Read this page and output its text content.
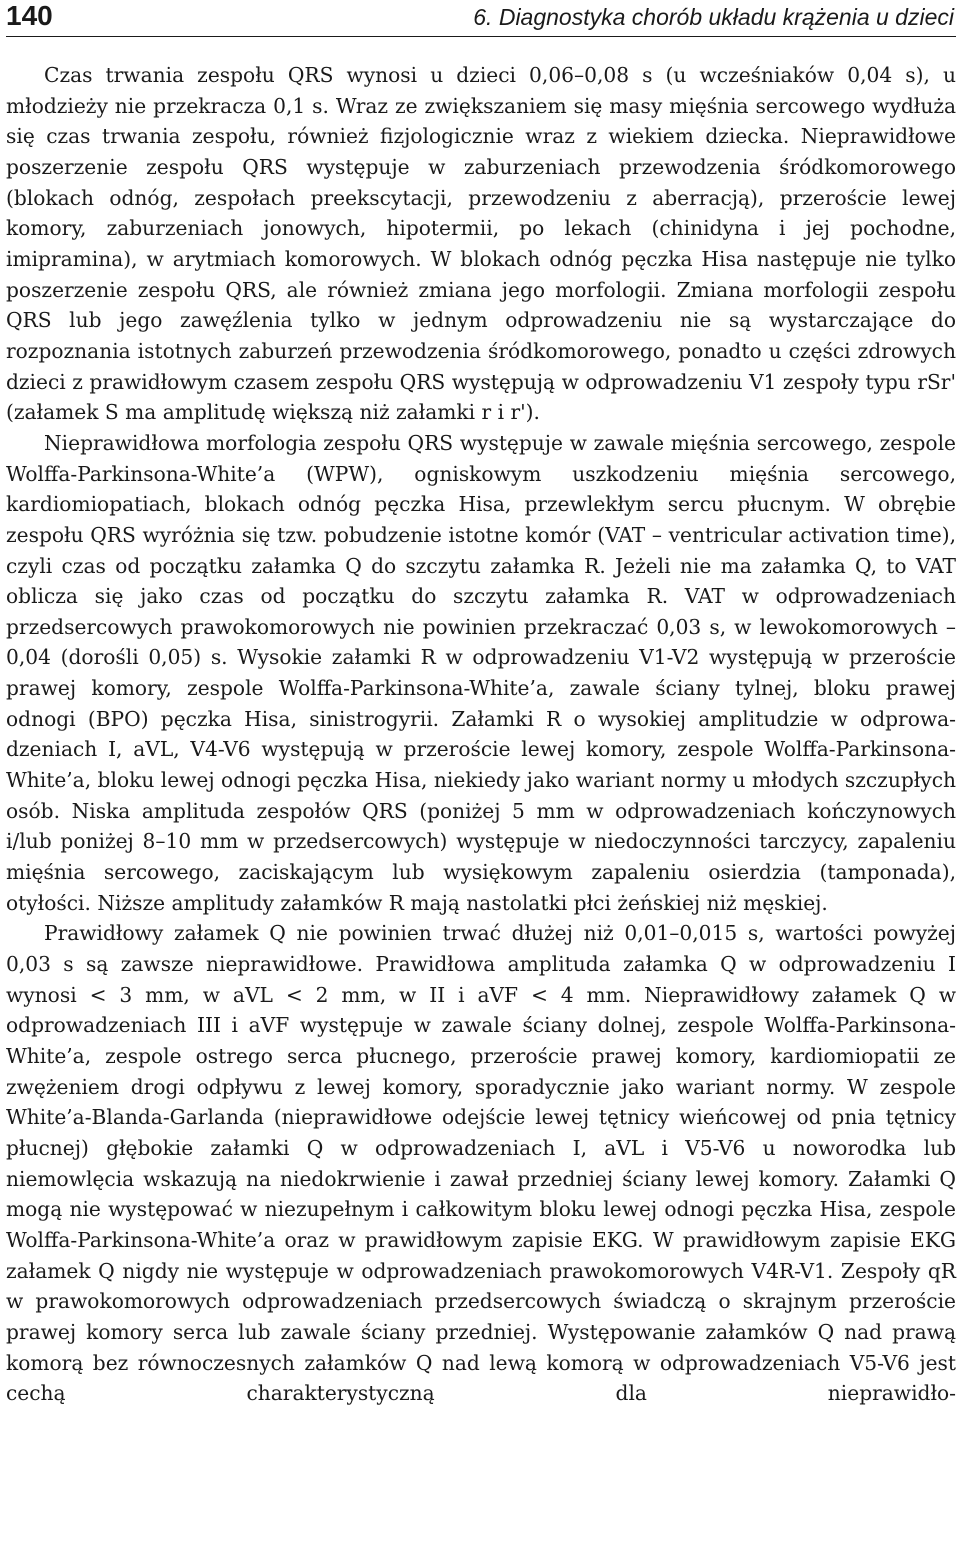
140	6. Diagnostyka chorób układu krążenia u dzieci

Czas trwania zespołu QRS wynosi u dzieci 0,06–0,08 s (u wcześniaków 0,04 s), u młodzieży nie przekracza 0,1 s. Wraz ze zwiększaniem się masy mięśnia sercowego wydłuża się czas trwania zespołu, również fizjologicznie wraz z wiekiem dziecka. Nieprawidłowe poszerzenie zespołu QRS występuje w zaburzeniach przewodzenia śródkomorowego (blokach odnóg, zespołach preekscytacji, przewodzeniu z aberracją), przeroście lewej komory, zaburzeniach jonowych, hipotermii, po lekach (chinidyna i jej pochodne, imipramina), w arytmiach komorowych. W blokach odnóg pęczka Hisa następuje nie tylko poszerzenie zespołu QRS, ale również zmiana jego morfologii. Zmiana morfologii zespołu QRS lub jego zawęźlenia tylko w jednym odprowadzeniu nie są wystarczające do rozpoznania istotnych zaburzeń przewodzenia śródkomorowego, ponadto u części zdrowych dzieci z prawidłowym czasem zespołu QRS występują w odprowadzeniu V1 zespoły typu rSr' (załamek S ma amplitudę większą niż załamki r i r').

Nieprawidłowa morfologia zespołu QRS występuje w zawale mięśnia sercowego, zespole Wolffa-Parkinsona-White’a (WPW), ogniskowym uszkodzeniu mięśnia sercowego, kardiomiopatiach, blokach odnóg pęczka Hisa, przewlekłym sercu płucnym. W obrębie zespołu QRS wyróżnia się tzw. pobudzenie istotne komór (VAT – ventricular activation time), czyli czas od początku załamka Q do szczytu załamka R. Jeżeli nie ma załamka Q, to VAT oblicza się jako czas od początku do szczytu załamka R. VAT w odprowadzeniach przedsercowych prawokomorowych nie powinien przekraczać 0,03 s, w lewokomorowych – 0,04 (dorośli 0,05) s. Wysokie załamki R w odprowadzeniu V1-V2 występują w przeroście prawej komory, zespole Wolffa-Parkinsona-White’a, zawale ściany tylnej, bloku prawej odnogi (BPO) pęczka Hisa, sinistrogyrii. Załamki R o wysokiej amplitudzie w odprowadzeniach I, aVL, V4-V6 występują w przeroście lewej komory, zespole Wolffa-Parkinsona-White’a, bloku lewej odnogi pęczka Hisa, niekiedy jako wariant normy u młodych szczupłych osób. Niska amplituda zespołów QRS (poniżej 5 mm w odprowadzeniach kończynowych i/lub poniżej 8–10 mm w przedsercowych) występuje w niedoczynności tarczycy, zapaleniu mięśnia sercowego, zaciskającym lub wysiękowym zapaleniu osierdzia (tamponada), otyłości. Niższe amplitudy załamków R mają nastolatki płci żeńskiej niż męskiej.

Prawidłowy załamek Q nie powinien trwać dłużej niż 0,01–0,015 s, wartości powyżej 0,03 s są zawsze nieprawidłowe. Prawidłowa amplituda załamka Q w odprowadzeniu I wynosi < 3 mm, w aVL < 2 mm, w II i aVF < 4 mm. Nieprawidłowy załamek Q w odprowadzeniach III i aVF występuje w zawale ściany dolnej, zespole Wolffa-Parkinsona-White’a, zespole ostrego serca płucnego, przeroście prawej komory, kardiomiopatii ze zwężeniem drogi odpływu z lewej komory, sporadycznie jako wariant normy. W zespole White’a-Blanda-Garlanda (nieprawidłowe odejście lewej tętnicy wieńcowej od pnia tętnicy płucnej) głębokie załamki Q w odprowadzeniach I, aVL i V5-V6 u noworodka lub niemowlęcia wskazują na niedokrwienie i zawał przedniej ściany lewej komory. Załamki Q mogą nie występować w niezupełnym i całkowitym bloku lewej odnogi pęczka Hisa, zespole Wolffa-Parkinsona-White’a oraz w prawidłowym zapisie EKG. W prawidłowym zapisie EKG załamek Q nigdy nie występuje w odprowadzeniach prawokomorowych V4R-V1. Zespoły qR w prawokomorowych odprowadzeniach przedsercowych świadczą o skrajnym przeroście prawej komory serca lub zawale ściany przedniej. Występowanie załamków Q nad prawą komorą bez równoczesnych załamków Q nad lewą komorą w odprowadzeniach V5-V6 jest cechą charakterystyczną dla nieprawidło-
